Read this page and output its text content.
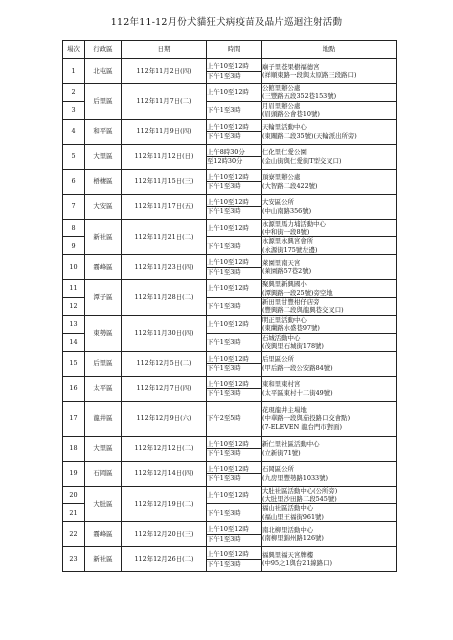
112年11-12月份犬貓狂犬病疫苗及晶片巡迴注射活動
場次	行政區	日期	時間	地點
1	北屯區	112年11月2日(四)	上午10至12時
下午1至3時	廟子里苍果樹福德宮
(祥順東路一段與太原路三段路口)

2	后里區	112年11月7日(二)	上午10至12時	公館里辦公處
(三豐路五段352巷153號)

3			下午1至3時	月眉里辦公處
(眉頭路公會巷10號)

4	和平區	112年11月9日(四)	上午10至12時
下午1至3時	天輪里活動中心
(東關路二段35號)(天輪派出所旁)

5	大里區	112年11月12日(日)	上午8時30分
至12時30分	仁化里仁愛公園
(金山街與仁愛街T型交叉口)

6	梧棲區	112年11月15日(三)	上午10至12時
下午1至3時	頂寮里辦公處
(大智路二段422號)

7	大安區	112年11月17日(五)	上午10至12時
下午1至3時	大安區公所
(中山南路356號)

8	新社區	112年11月21日(二)	上午10至12時	永源里馬力埔活動中心
(中和街一段8號)

9			下午1至3時	永源里永興宮會所
(永源街175號左邊)

10	霧峰區	112年11月23日(四)	上午10至12時
下午1至3時	萊園里南天宮
(萊園路57巷2號)

11	潭子區	112年11月28日(二)	上午10至12時	聚興里新興國小
(潭興路一段25號)旁空地

12			下午1至3時	新田里甘豐柑仔店旁
(豐興路二段與龍興巷交叉口)

13	東勢區	112年11月30日(四)	上午10至12時	明正里活動中心
(東蘭路水盛巷97號)

14			下午1至3時	石城活動中心
(茂興里石城街178號)

15	后里區	112年12月5日(二)	上午10至12時
下午1至3時	后里區公所
(甲后路一段公安路84號)

16	太平區	112年12月7日(四)	上午10至12時
下午1至3時	東和里東村宮
(太平區東村十二街49號)

17	龍井區	112年12月9日(六)	下午2至5時	花現龍井主場地
(中華路一段與茄投路口交會點)
(7-ELEVEN 龍台門市對面)

18	大里區	112年12月12日(二)	上午10至12時
下午1至3時	新仁里社區活動中心
(立新街71號)

19	石岡區	112年12月14日(四)	上午10至12時
下午1至3時	石岡區公所
(九房里豐勢路1033號)

20	大肚區	112年12月19日(二)	上午10至12時	大肚社區活動中心(公所旁)
(大肚里沙田路二段545號)

21			下午1至3時	福山社區活動中心
(福山里王福街961號)

22	霧峰區	112年12月20日(三)	上午10至12時
下午1至3時	南北柳里活動中心
(南柳里錦州路126號)

23	新社區	112年12月26日(二)	上午10至12時
下午1至3時	福興里福天宮牌樓
(中95之1與台21線路口)
